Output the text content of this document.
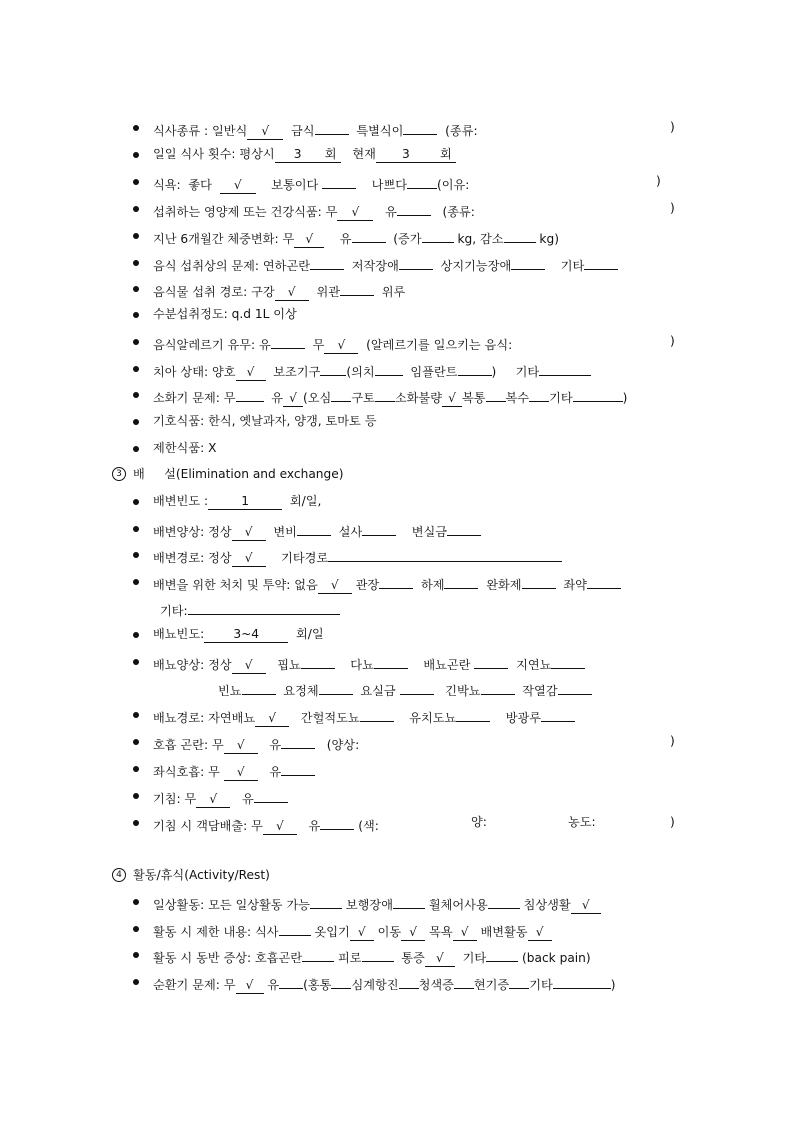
식사종류 : 일반식 √ 금식	특별식이	(종류:

	)

일일 식사 횟수: 평상시 3 회 현재 3 회

식욕:  좋다 √ 보통이다	나쁘다 (이유:

	)

섭취하는 영양제 또는 건강식품: 무 √ 유	(종류:

	)

지난 6개월간 체중변화: 무 √ 유	(증가	kg, 감소	kg)

음식 섭취상의 문제: 연하곤란	저작장애	상지기능장애	기타

음식물 섭취 경로: 구강 √ 위관	위루

수분섭취정도: q.d 1L 이상

음식알레르기 유무: 유	무 √ (알레르기를 일으키는 음식:

	)

치아 상태: 양호 √ 보조기구 (의치	임플란트	) 기타

소화기 문제: 무	유 √ (오심 구토 소화불량 √ 복통 복수 기타	)

기호식품: 한식, 옛날과자, 양갱, 토마토 등

제한식품: X

3

배     설(Elimination and exchange)

배변빈도 :	1	회/일,

배변양상: 정상 √ 변비	설사	변실금

배변경로: 정상 √ 기타경로

배변을 위한 처치 및 투약: 없음 √ 관장	하제	완화제	좌약

기타:

배뇨빈도: 3~4	회/일

배뇨양상: 정상 √ 핍뇨	다뇨	배뇨곤란	지연뇨

빈뇨	요정체	요실금	긴박뇨	작열감

배뇨경로: 자연배뇨 √ 간헐적도뇨	유치도뇨	방광루

호흡 곤란: 무 √ 유	(양상:

	)

좌식호흡: 무 √ 유

기침: 무 √ 유

기침 시 객담배출: 무 √ 유	(색:

	양:

	농도:

	)

4

활동/휴식(Activity/Rest)

일상활동: 모든 일상활동 가능	보행장애	휠체어사용	침상생활 √

활동 시 제한 내용: 식사	옷입기 √ 이동 √ 목욕 √ 배변활동 √

활동 시 동반 증상: 호흡곤란	피로	통증 √ 기타	(back pain)

순환기 문제: 무 √ 유 (홍통 심계항진 청색증 현기증 기타	)
